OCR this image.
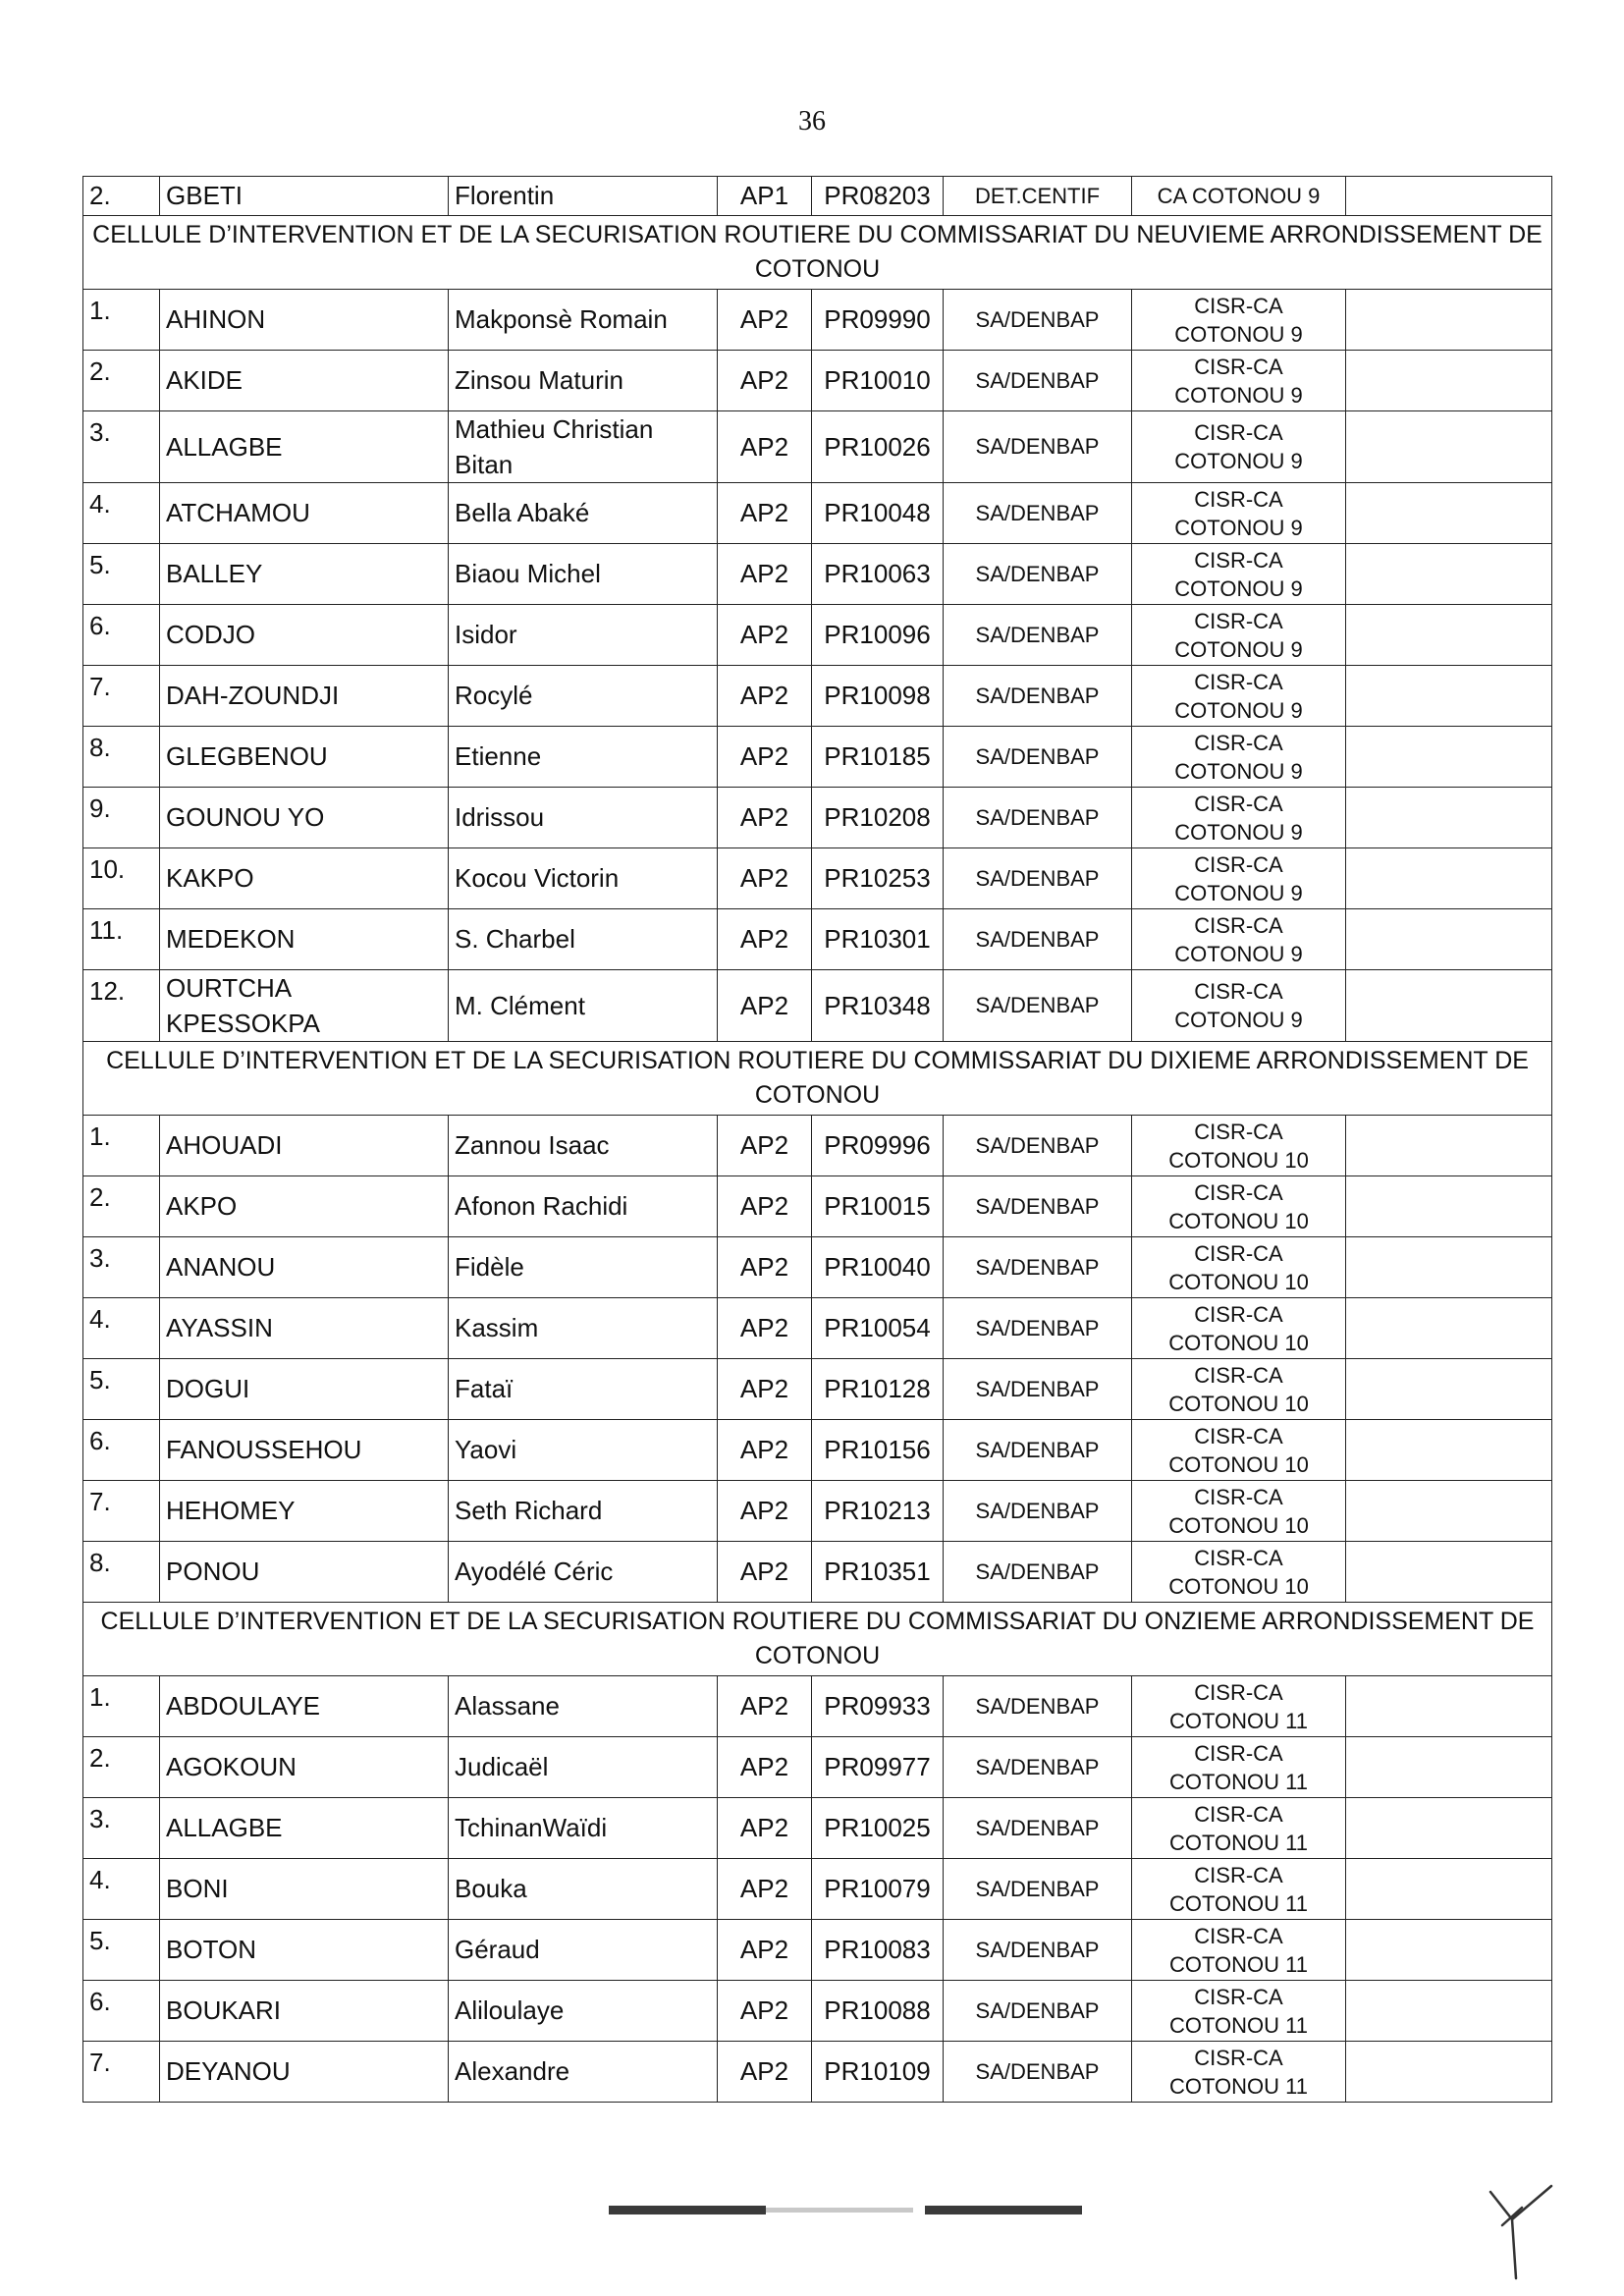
36
2.	GBETI	Florentin	AP1	PR08203	DET.CENTIF	CA COTONOU 9	
CELLULE D’INTERVENTION ET DE LA SECURISATION ROUTIERE DU COMMISSARIAT DU NEUVIEME ARRONDISSEMENT DE COTONOU							
1.	AHINON	Makponsè Romain	AP2	PR09990	SA/DENBAP	CISR-CA COTONOU 9	
2.	AKIDE	Zinsou Maturin	AP2	PR10010	SA/DENBAP	CISR-CA COTONOU 9	
3.	ALLAGBE	Mathieu Christian Bitan	AP2	PR10026	SA/DENBAP	CISR-CA COTONOU 9	
4.	ATCHAMOU	Bella Abaké	AP2	PR10048	SA/DENBAP	CISR-CA COTONOU 9	
5.	BALLEY	Biaou Michel	AP2	PR10063	SA/DENBAP	CISR-CA COTONOU 9	
6.	CODJO	Isidor	AP2	PR10096	SA/DENBAP	CISR-CA COTONOU 9	
7.	DAH-ZOUNDJI	Rocylé	AP2	PR10098	SA/DENBAP	CISR-CA COTONOU 9	
8.	GLEGBENOU	Etienne	AP2	PR10185	SA/DENBAP	CISR-CA COTONOU 9	
9.	GOUNOU YO	Idrissou	AP2	PR10208	SA/DENBAP	CISR-CA COTONOU 9	
10.	KAKPO	Kocou Victorin	AP2	PR10253	SA/DENBAP	CISR-CA COTONOU 9	
11.	MEDEKON	S. Charbel	AP2	PR10301	SA/DENBAP	CISR-CA COTONOU 9	
12.	OURTCHA KPESSOKPA	M. Clément	AP2	PR10348	SA/DENBAP	CISR-CA COTONOU 9	
CELLULE D’INTERVENTION ET DE LA SECURISATION ROUTIERE DU COMMISSARIAT DU DIXIEME ARRONDISSEMENT DE COTONOU							
1.	AHOUADI	Zannou Isaac	AP2	PR09996	SA/DENBAP	CISR-CA COTONOU 10	
2.	AKPO	Afonon Rachidi	AP2	PR10015	SA/DENBAP	CISR-CA COTONOU 10	
3.	ANANOU	Fidèle	AP2	PR10040	SA/DENBAP	CISR-CA COTONOU 10	
4.	AYASSIN	Kassim	AP2	PR10054	SA/DENBAP	CISR-CA COTONOU 10	
5.	DOGUI	Fataï	AP2	PR10128	SA/DENBAP	CISR-CA COTONOU 10	
6.	FANOUSSEHOU	Yaovi	AP2	PR10156	SA/DENBAP	CISR-CA COTONOU 10	
7.	HEHOMEY	Seth Richard	AP2	PR10213	SA/DENBAP	CISR-CA COTONOU 10	
8.	PONOU	Ayodélé Céric	AP2	PR10351	SA/DENBAP	CISR-CA COTONOU 10	
CELLULE D’INTERVENTION ET DE LA SECURISATION ROUTIERE DU COMMISSARIAT DU ONZIEME ARRONDISSEMENT DE COTONOU							
1.	ABDOULAYE	Alassane	AP2	PR09933	SA/DENBAP	CISR-CA COTONOU 11	
2.	AGOKOUN	Judicaël	AP2	PR09977	SA/DENBAP	CISR-CA COTONOU 11	
3.	ALLAGBE	TchinanWaïdi	AP2	PR10025	SA/DENBAP	CISR-CA COTONOU 11	
4.	BONI	Bouka	AP2	PR10079	SA/DENBAP	CISR-CA COTONOU 11	
5.	BOTON	Géraud	AP2	PR10083	SA/DENBAP	CISR-CA COTONOU 11	
6.	BOUKARI	Aliloulaye	AP2	PR10088	SA/DENBAP	CISR-CA COTONOU 11	
7.	DEYANOU	Alexandre	AP2	PR10109	SA/DENBAP	CISR-CA COTONOU 11	
